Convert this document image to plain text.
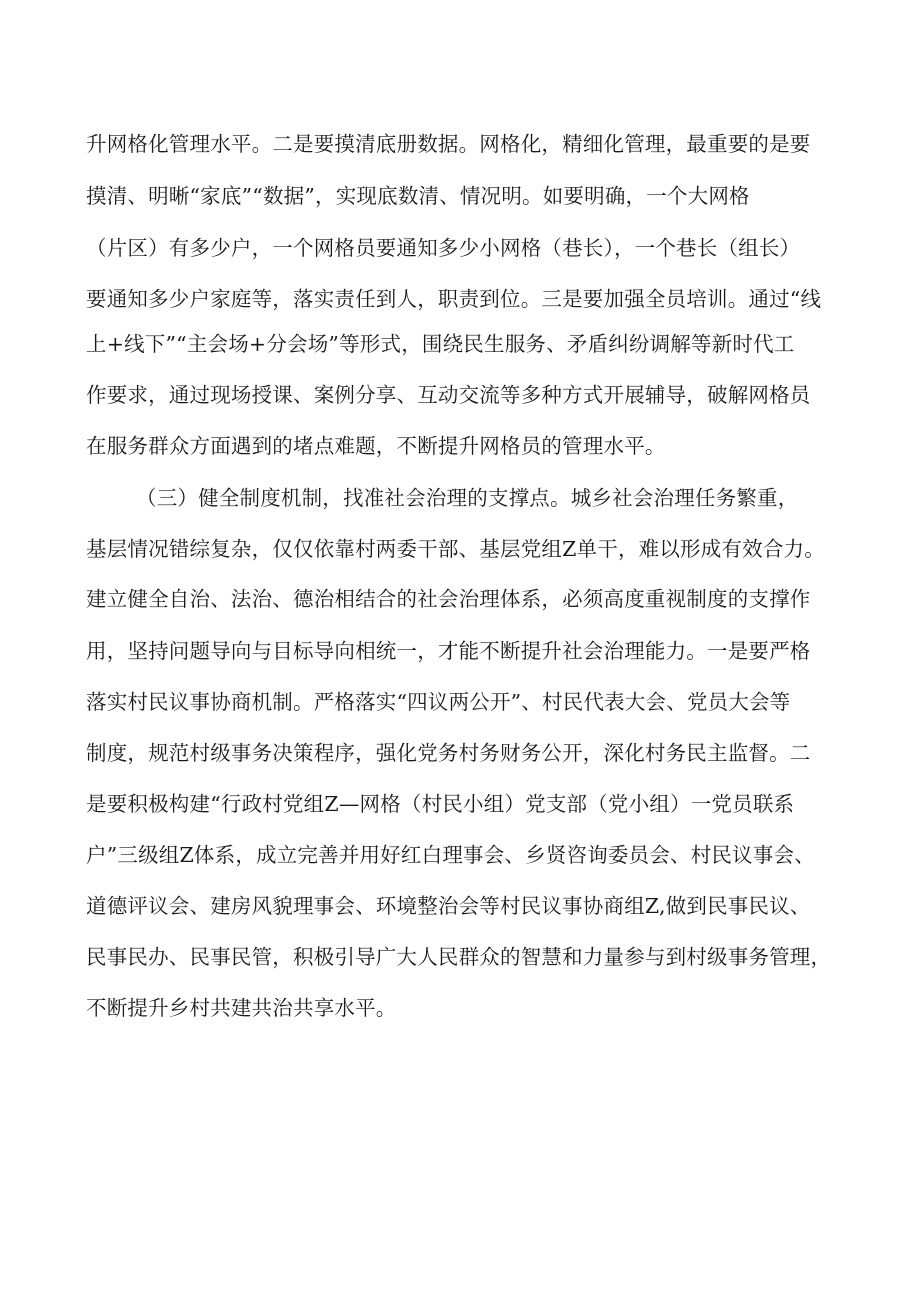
升网格化管理水平。二是要摸清底册数据。网格化，精细化管理，最重要的是要
摸清、明晰“家底”“数据”，实现底数清、情况明。如要明确，一个大网格
（片区）有多少户，一个网格员要通知多少小网格（巷长），一个巷长（组长）
要通知多少户家庭等，落实责任到人，职责到位。三是要加强全员培训。通过“线
上+线下”“主会场+分会场”等形式，围绕民生服务、矛盾纠纷调解等新时代工
作要求，通过现场授课、案例分享、互动交流等多种方式开展辅导，破解网格员
在服务群众方面遇到的堵点难题，不断提升网格员的管理水平。
（三）健全制度机制，找准社会治理的支撑点。城乡社会治理任务繁重，
基层情况错综复杂，仅仅依靠村两委干部、基层党组Z单干，难以形成有效合力。
建立健全自治、法治、德治相结合的社会治理体系，必须高度重视制度的支撑作
用，坚持问题导向与目标导向相统一，才能不断提升社会治理能力。一是要严格
落实村民议事协商机制。严格落实“四议两公开”、村民代表大会、党员大会等
制度，规范村级事务决策程序，强化党务村务财务公开，深化村务民主监督。二
是要积极构建“行政村党组Z—网格（村民小组）党支部（党小组）一党员联系
户”三级组Z体系，成立完善并用好红白理事会、乡贤咨询委员会、村民议事会、
道德评议会、建房风貌理事会、环境整治会等村民议事协商组Z,做到民事民议、
民事民办、民事民管，积极引导广大人民群众的智慧和力量参与到村级事务管理，
不断提升乡村共建共治共享水平。
